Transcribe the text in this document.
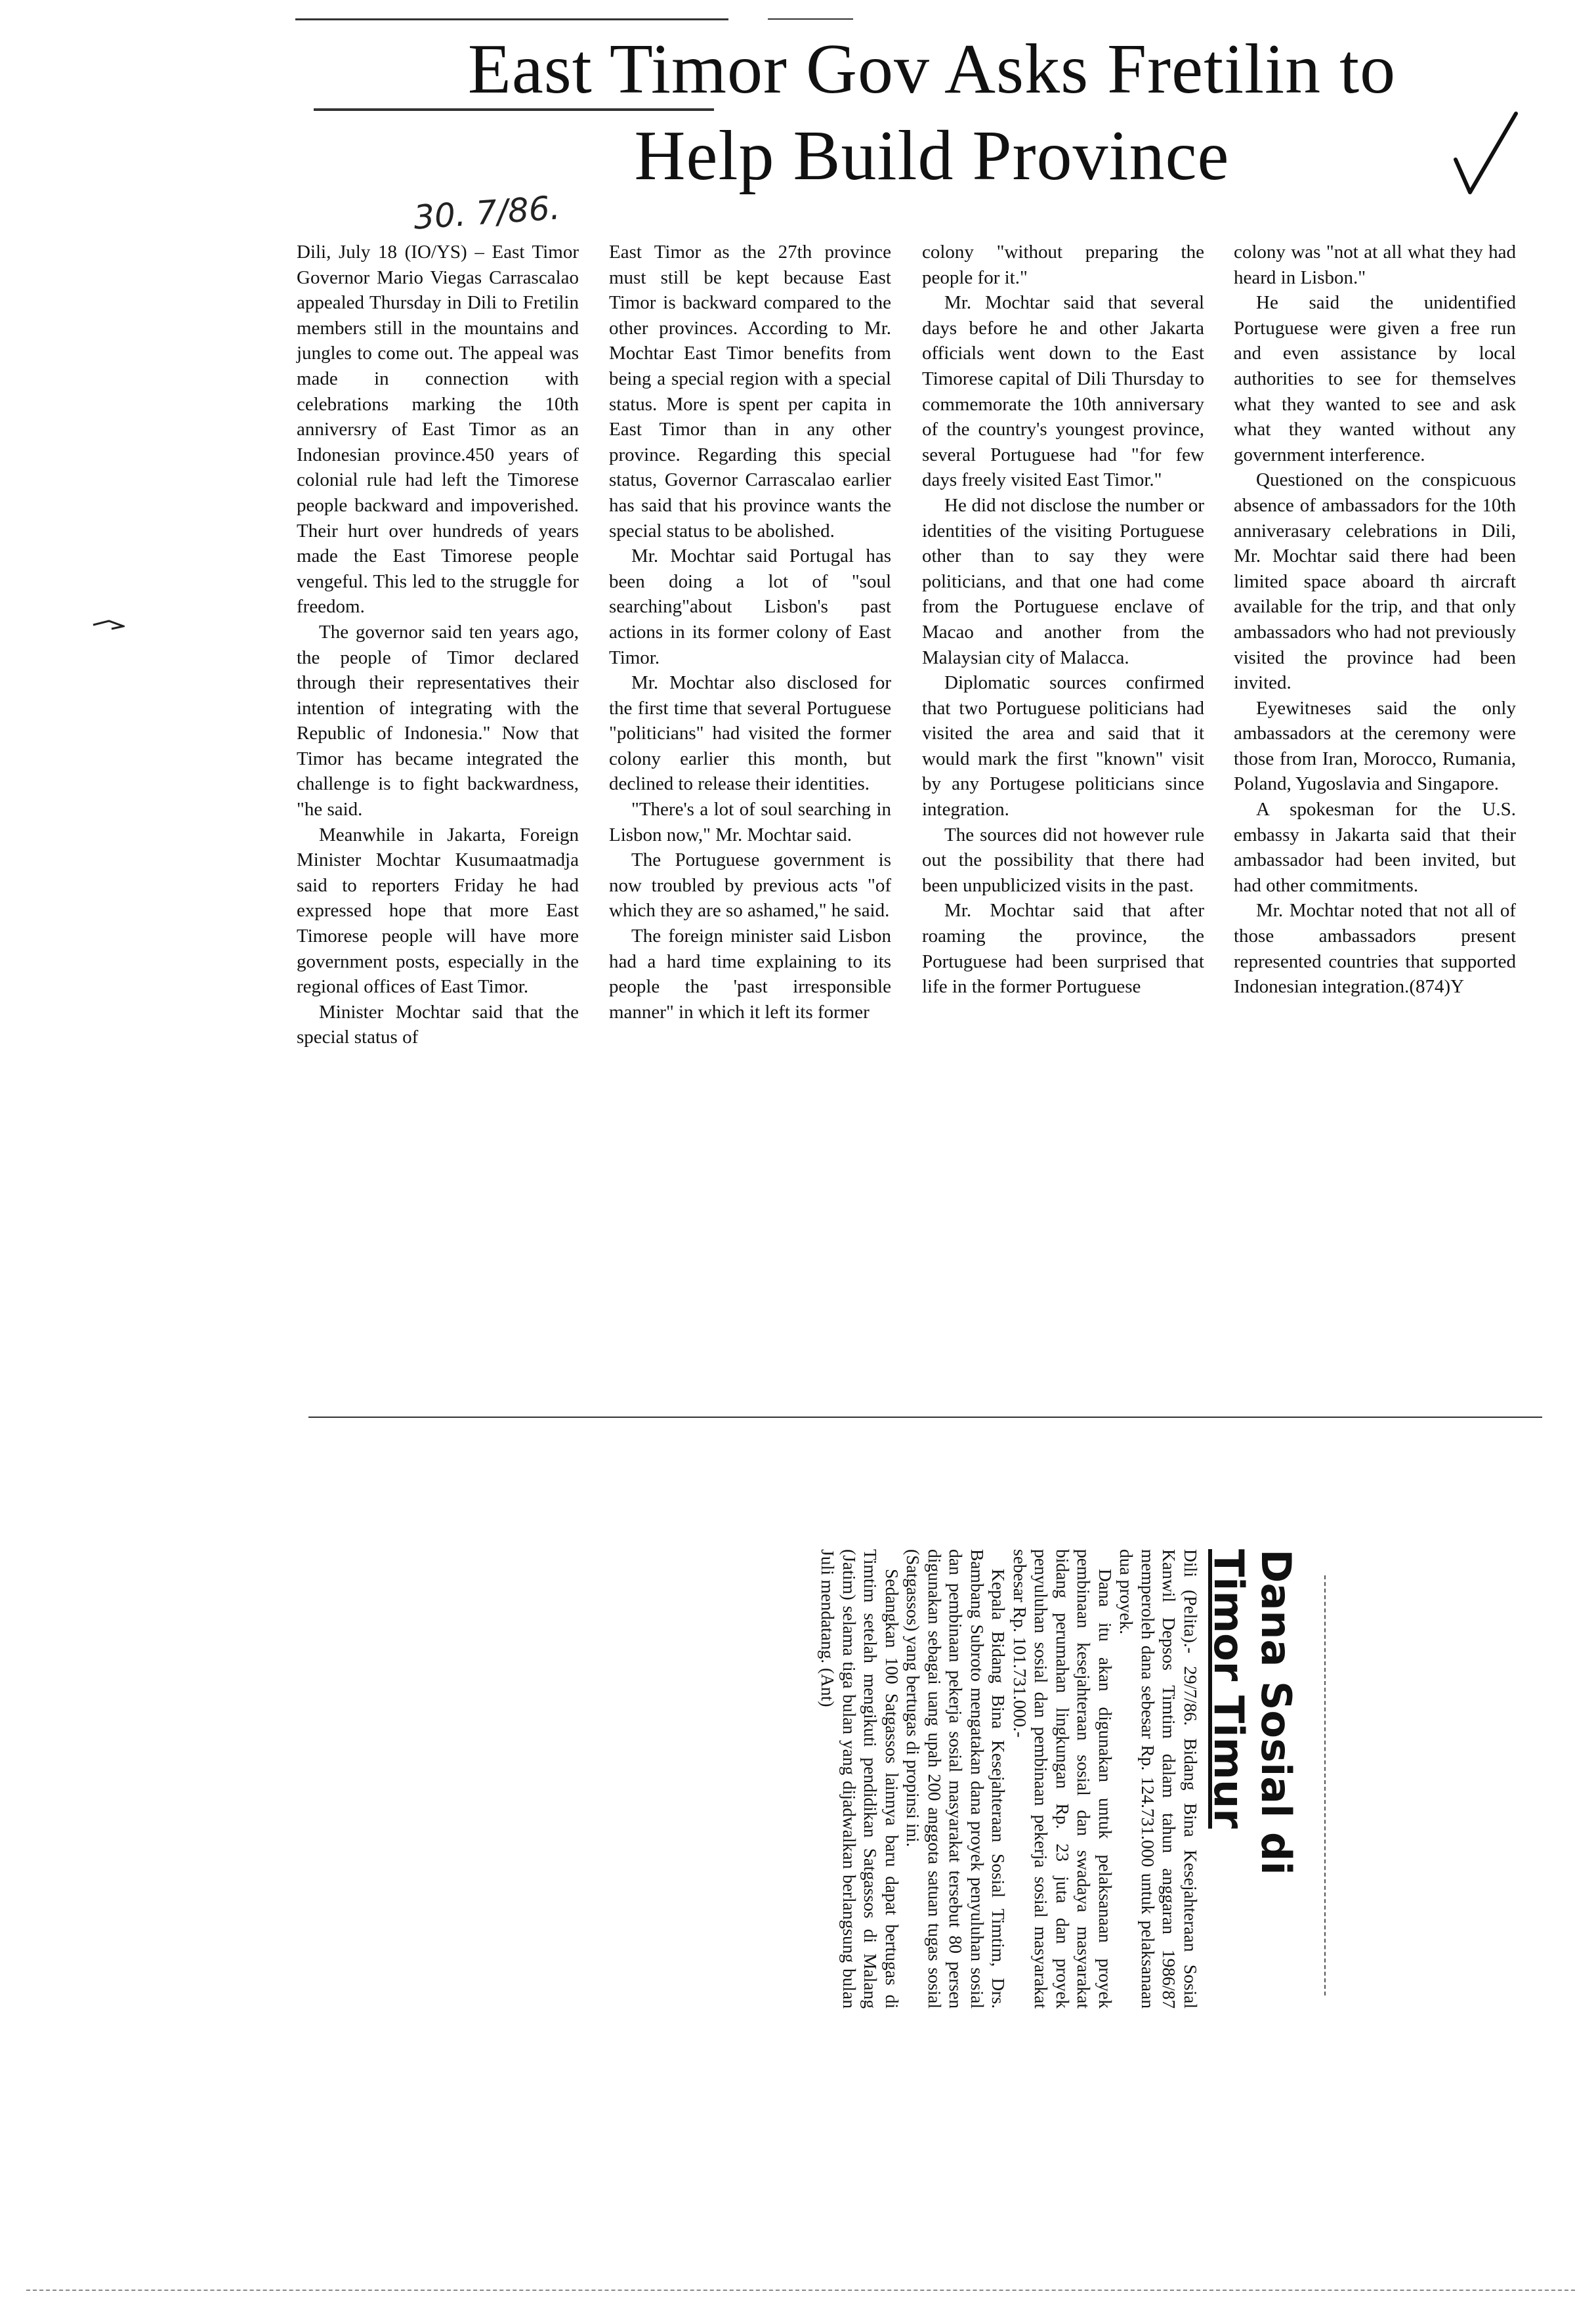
East Timor Gov Asks Fretilin to
Help Build Province
30. 7/86.

Dili, July 18 (IO/YS) – East Timor Governor Mario Viegas Carrascalao appealed Thursday in Dili to Fretilin members still in the mountains and jungles to come out. The appeal was made in connection with celebrations marking the 10th anniversry of East Timor as an Indonesian province.450 years of colonial rule had left the Timorese people backward and impoverished. Their hurt over hundreds of years made the East Timorese people vengeful. This led to the struggle for freedom.

The governor said ten years ago, the people of Timor declared through their representatives their intention of integrating with the Republic of Indonesia." Now that Timor has became integrated the challenge is to fight backwardness, "he said.

Meanwhile in Jakarta, Foreign Minister Mochtar Kusumaatmadja said to reporters Friday he had expressed hope that more East Timorese people will have more government posts, especially in the regional offices of East Timor.

Minister Mochtar said that the special status of

East Timor as the 27th province must still be kept because East Timor is backward compared to the other provinces. According to Mr. Mochtar East Timor benefits from being a special region with a special status. More is spent per capita in East Timor than in any other province. Regarding this special status, Governor Carrascalao earlier has said that his province wants the special status to be abolished.

Mr. Mochtar said Portugal has been doing a lot of "soul searching"about Lisbon's past actions in its former colony of East Timor.

Mr. Mochtar also disclosed for the first time that several Portuguese "politicians" had visited the former colony earlier this month, but declined to release their identities.

"There's a lot of soul searching in Lisbon now," Mr. Mochtar said.

The Portuguese government is now troubled by previous acts "of which they are so ashamed," he said.

The foreign minister said Lisbon had a hard time explaining to its people the 'past irresponsible manner" in which it left its former

colony "without preparing the people for it."

Mr. Mochtar said that several days before he and other Jakarta officials went down to the East Timorese capital of Dili Thursday to commemorate the 10th anniversary of the country's youngest province, several Portuguese had "for few days freely visited East Timor."

He did not disclose the number or identities of the visiting Portuguese other than to say they were politicians, and that one had come from the Portuguese enclave of Macao and another from the Malaysian city of Malacca.

Diplomatic sources confirmed that two Portuguese politicians had visited the area and said that it would mark the first "known" visit by any Portugese politicians since integration.

The sources did not however rule out the possibility that there had been unpublicized visits in the past.

Mr. Mochtar said that after roaming the province, the Portuguese had been surprised that life in the former Portuguese

colony was "not at all what they had heard in Lisbon."

He said the unidentified Portuguese were given a free run and even assistance by local authorities to see for themselves what they wanted to see and ask what they wanted without any government interference.

Questioned on the conspicuous absence of ambassadors for the 10th anniverasary celebrations in Dili, Mr. Mochtar said there had been limited space aboard th aircraft available for the trip, and that only ambassadors who had not previously visited the province had been invited.

Eyewitneses said the only ambassadors at the ceremony were those from Iran, Morocco, Rumania, Poland, Yugoslavia and Singapore.

A spokesman for the U.S. embassy in Jakarta said that their ambassador had been invited, but had other commitments.

Mr. Mochtar noted that not all of those ambassadors present represented countries that supported Indonesian integration.(874)Y

Dana Sosial di
Timor Timur

Dili (Pelita).- 29/7/86. Bidang Bina Kesejahteraan Sosial Kanwil Depsos Timtim dalam tahun anggaran 1986/87 memperoleh dana sebesar Rp. 124.731.000 untuk pelaksanaan dua proyek.

Dana itu akan digunakan untuk pelaksanaan proyek pembinaan kesejahteraan sosial dan swadaya masyarakat bidang perumahan lingkungan Rp. 23 juta dan proyek penyuluhan sosial dan pembinaan pekerja sosial masyarakat sebesar Rp. 101.731.000.-

Kepala Bidang Bina Kesejahteraan Sosial Timtim, Drs. Bambang Subroto mengatakan dana proyek penyuluhan sosial dan pembinaan pekerja sosial masyarakat tersebut 80 persen digunakan sebagai uang upah 200 anggota satuan tugas sosial (Satgassos) yang bertugas di propinsi ini.

Sedangkan 100 Satgassos lainnya baru dapat bertugas di Timtim setelah mengikuti pendidikan Satgassos di Malang (Jatim) selama tiga bulan yang dijadwalkan berlangsung bulan Juli mendatang. (Ant)
